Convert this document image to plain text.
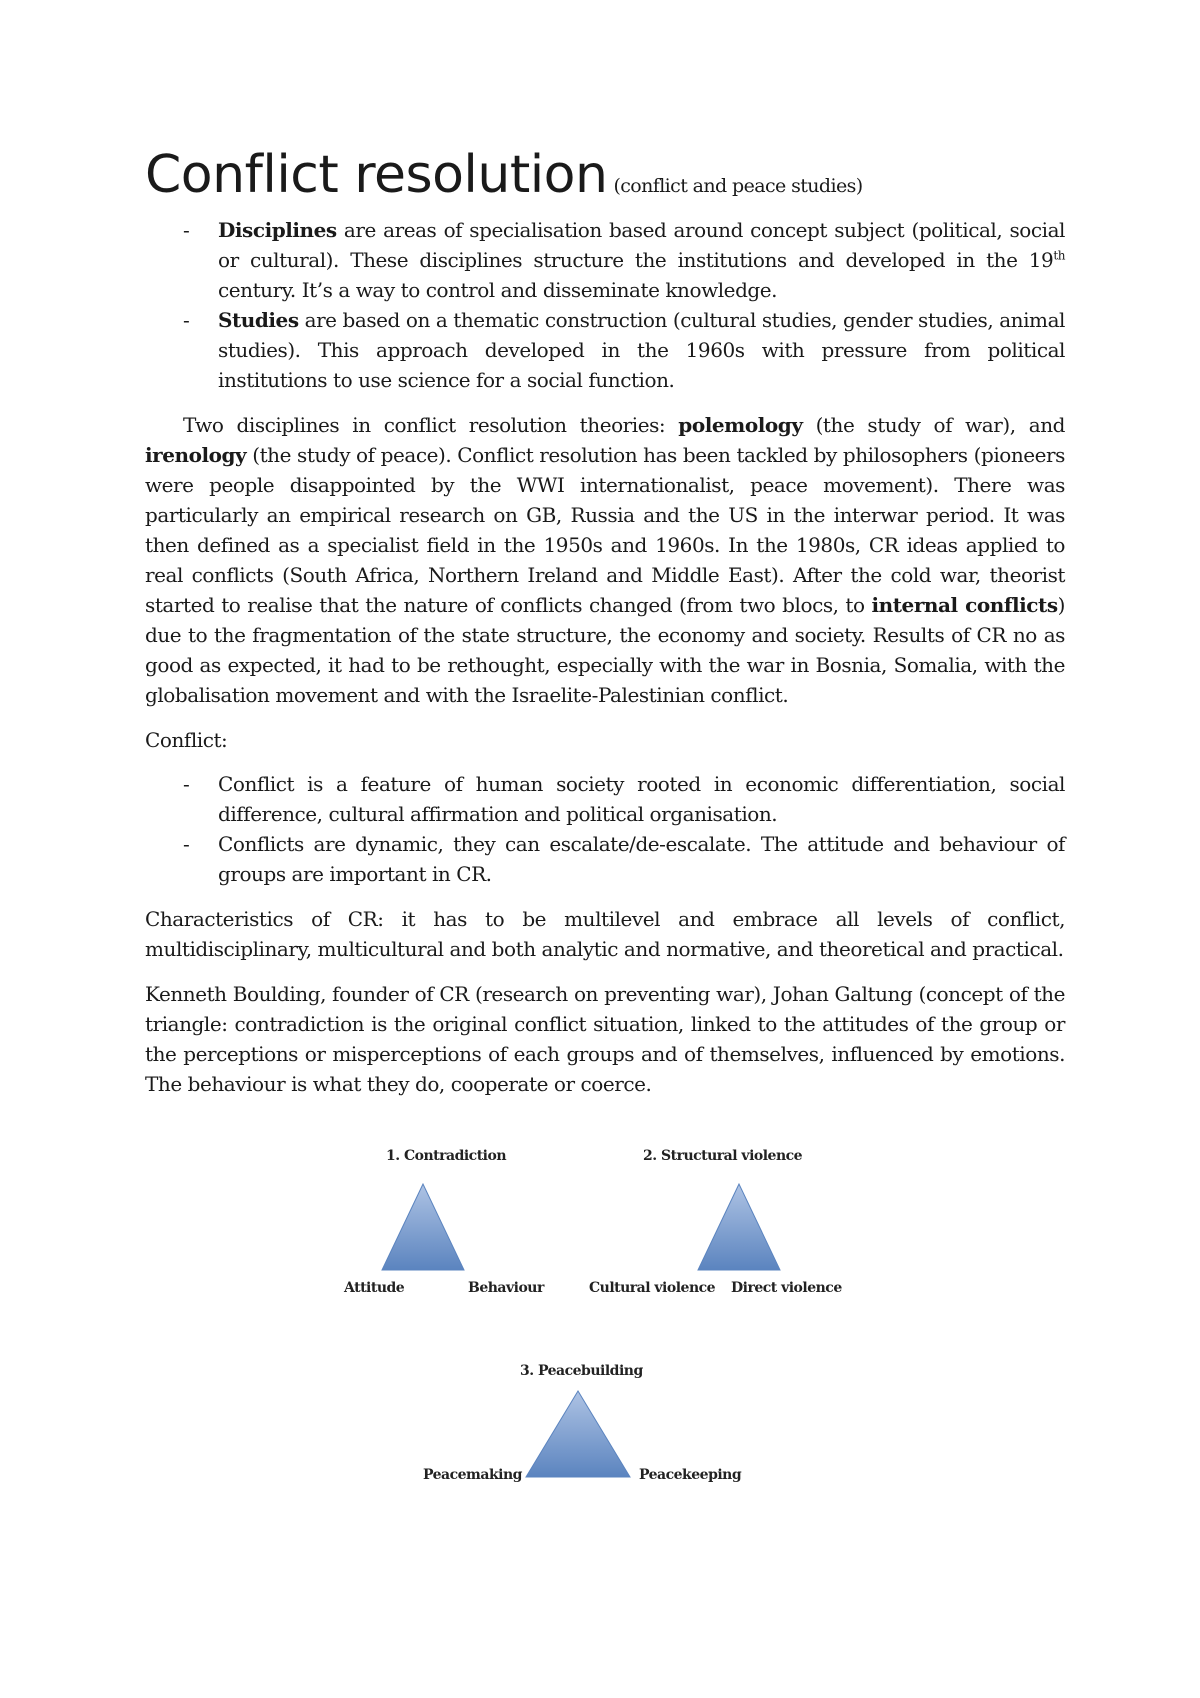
Conflict resolution (conflict and peace studies)
- Disciplines are areas of specialisation based around concept subject (political, social or cultural). These disciplines structure the institutions and developed in the 19th century. It’s a way to control and disseminate knowledge.
- Studies are based on a thematic construction (cultural studies, gender studies, animal studies). This approach developed in the 1960s with pressure from political institutions to use science for a social function.

Two disciplines in conflict resolution theories: polemology (the study of war), and irenology (the study of peace). Conflict resolution has been tackled by philosophers (pioneers were people disappointed by the WWI internationalist, peace movement). There was particularly an empirical research on GB, Russia and the US in the interwar period. It was then defined as a specialist field in the 1950s and 1960s. In the 1980s, CR ideas applied to real conflicts (South Africa, Northern Ireland and Middle East). After the cold war, theorist started to realise that the nature of conflicts changed (from two blocs, to internal conflicts) due to the fragmentation of the state structure, the economy and society. Results of CR no as good as expected, it had to be rethought, especially with the war in Bosnia, Somalia, with the globalisation movement and with the Israelite-Palestinian conflict.

Conflict:

- Conflict is a feature of human society rooted in economic differentiation, social difference, cultural affirmation and political organisation.
- Conflicts are dynamic, they can escalate/de-escalate. The attitude and behaviour of groups are important in CR.

Characteristics of CR: it has to be multilevel and embrace all levels of conflict, multidisciplinary, multicultural and both analytic and normative, and theoretical and practical.

Kenneth Boulding, founder of CR (research on preventing war), Johan Galtung (concept of the triangle: contradiction is the original conflict situation, linked to the attitudes of the group or the perceptions or misperceptions of each groups and of themselves, influenced by emotions. The behaviour is what they do, cooperate or coerce.

1. Contradiction
Attitude	Behaviour
2. Structural violence
Cultural violence Direct violence
3. Peacebuilding
Peacemaking	Peacekeeping
